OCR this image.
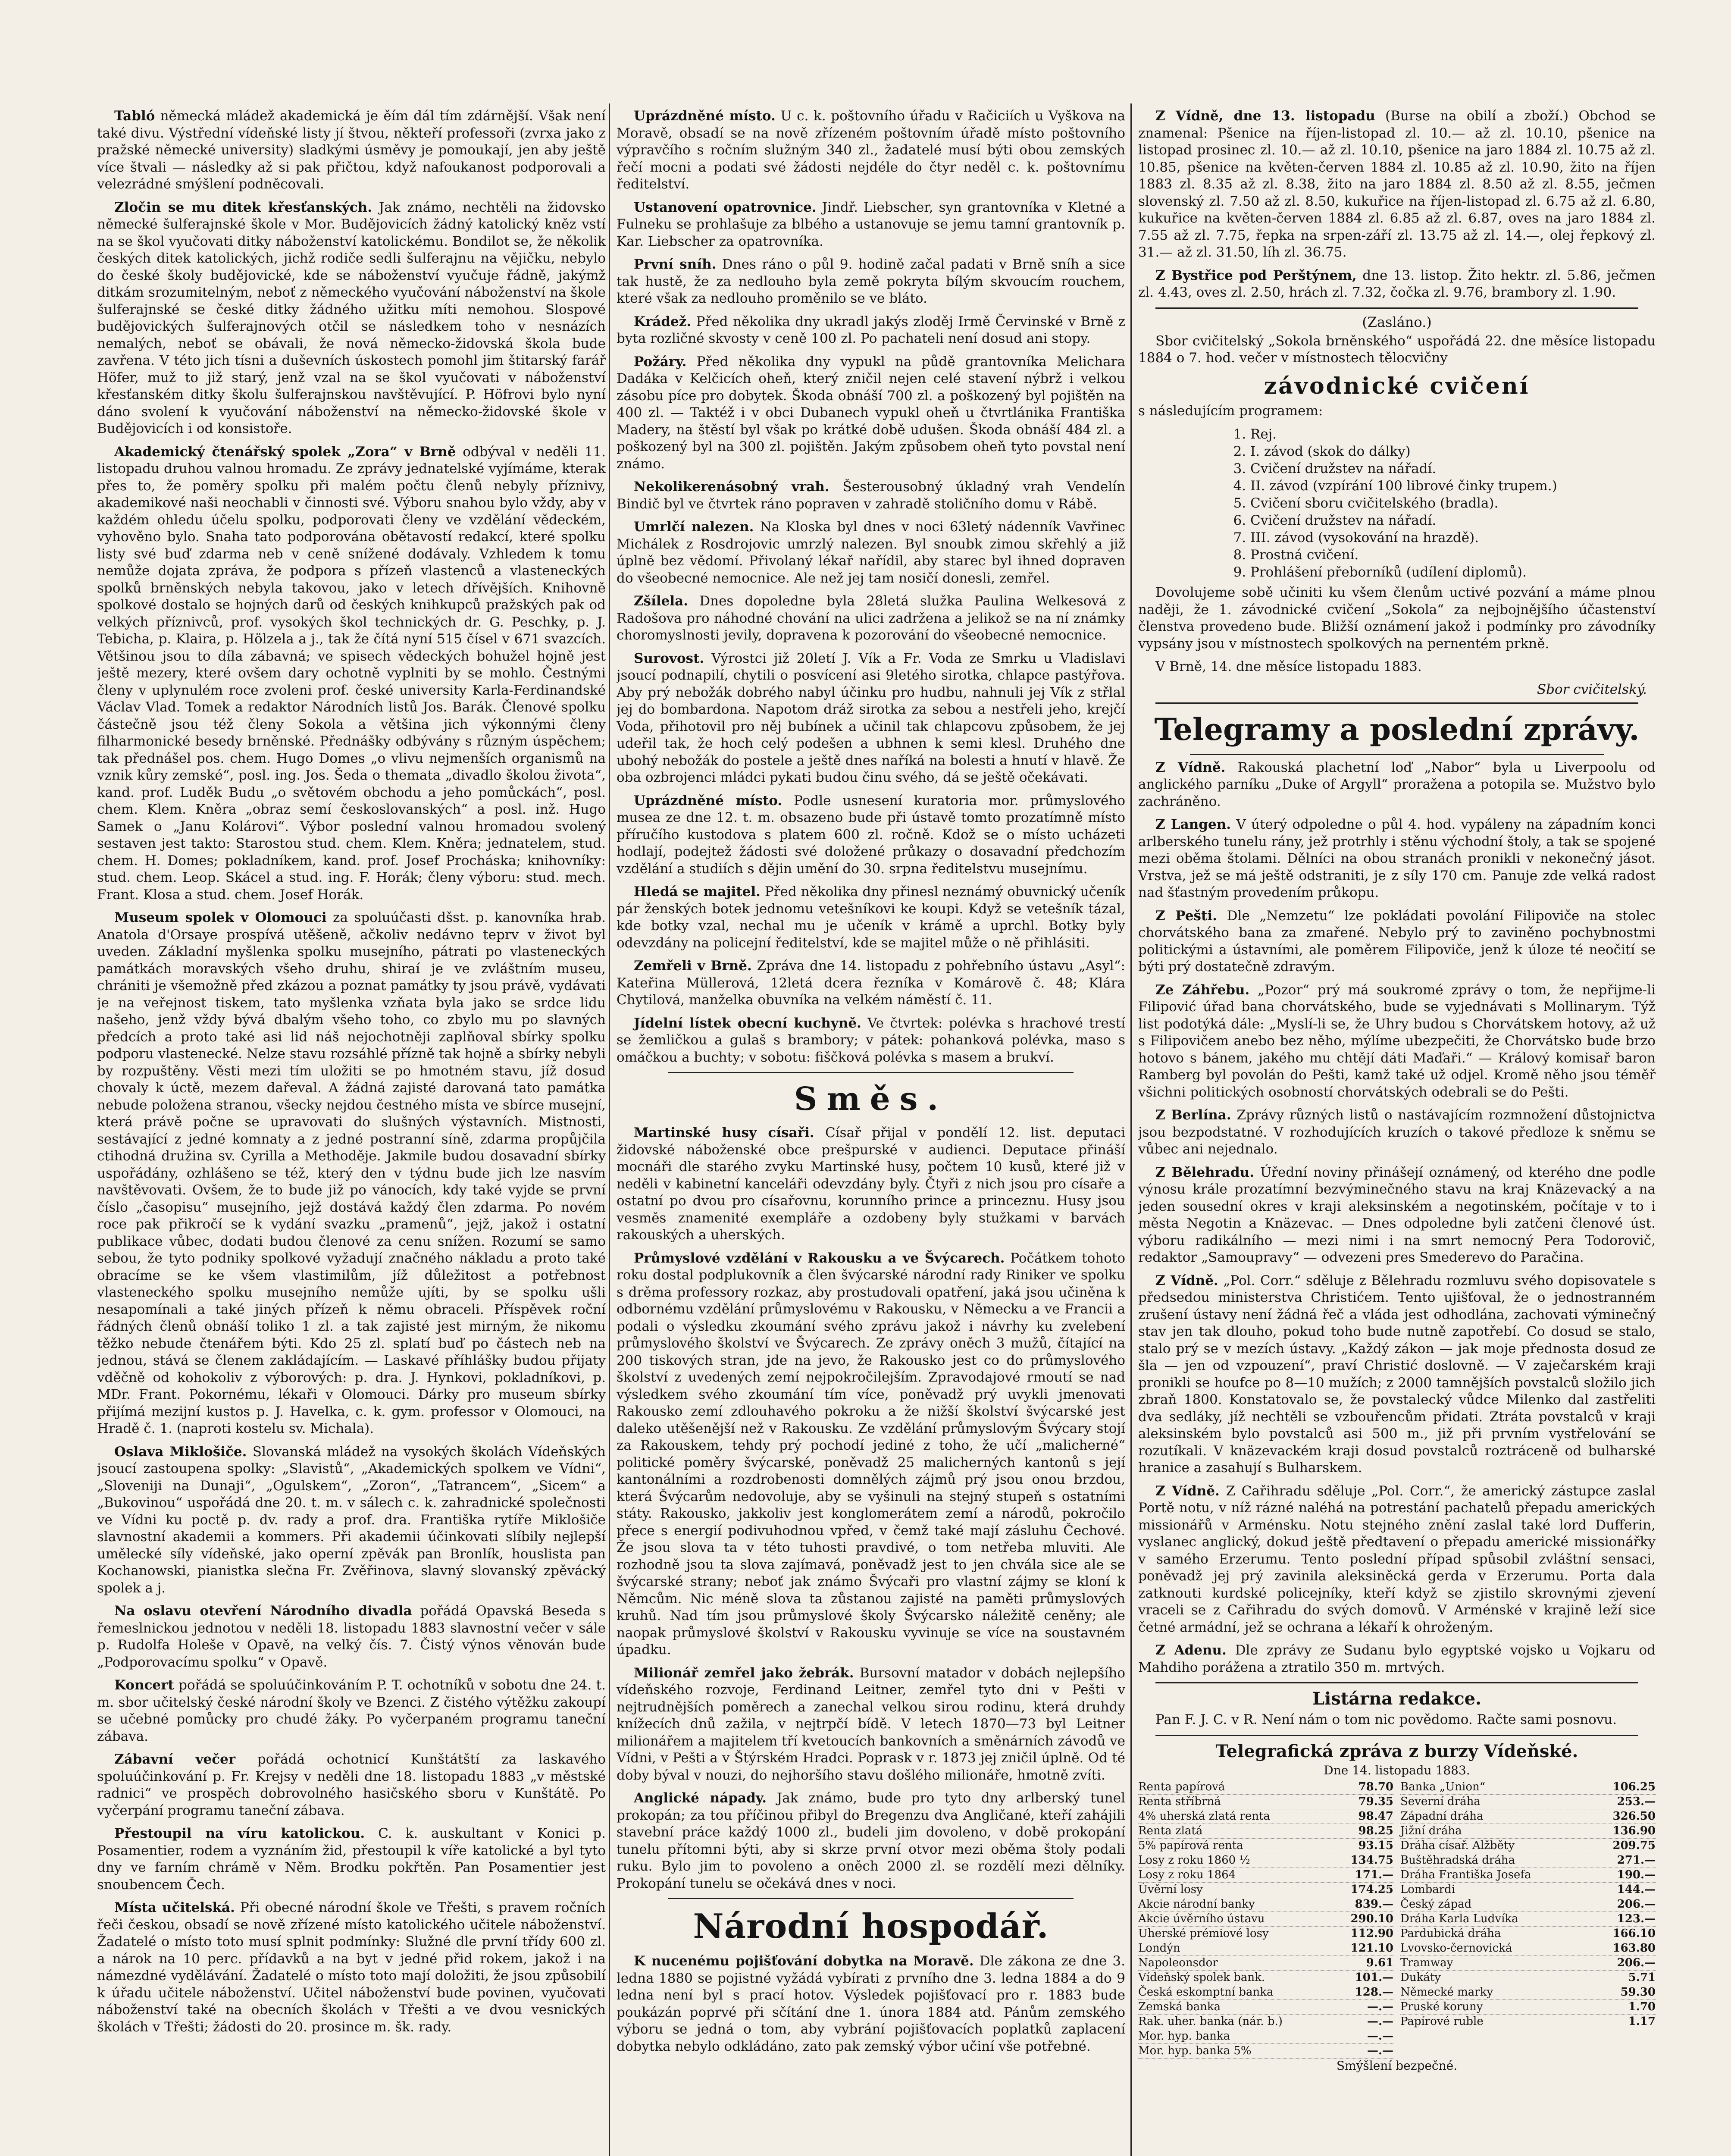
Tabló německá mládež akademická je ěím dál tím zdárnější. Však není také divu. Výstřední vídeňské listy jí štvou, někteří professoři (zvrxa jako z pražské německé university) sladkými úsměvy je pomoukají, jen aby ještě více štvali — následky až si pak přičtou, když nafoukanost podporovali a velezrádné smýšlení podněcovali.

Zločin se mu ditek křesťanských. Jak známo, nechtěli na židovsko německé šulferajnské škole v Mor. Budějovicích žádný katolický kněz vstí na se škol vyučovati ditky náboženství katolickému. Bondilot se, že několik českých ditek katolických, jichž rodiče sedli šulferajnu na vějičku, nebylo do české školy budějovické, kde se náboženství vyučuje řádně, jakýmž ditkám srozumitelným, neboť z německého vyučování náboženství na škole šulferajnské se české ditky žádného užitku míti nemohou. Slospové budějovických šulferajnových otčil se následkem toho v nesnázích nemalých, neboť se obávali, že nová německo-židovská škola bude zavřena. V této jich tísni a duševních úskostech pomohl jim štitarský farář Höfer, muž to již starý, jenž vzal na se škol vyučovati v náboženství křesťanském ditky školu šulferajnskou navštěvující. P. Höfrovi bylo nyní dáno svolení k vyučování náboženství na německo-židovské škole v Budějovicích i od konsistoře.

Akademický čtenářský spolek „Zora“ v Brně odbýval v neděli 11. listopadu druhou valnou hromadu. Ze zprávy jednatelské vyjímáme, kterak přes to, že poměry spolku při malém počtu členů nebyly příznivy, akademikové naši neochabli v činnosti své. Výboru snahou bylo vždy, aby v každém ohledu účelu spolku, podporovati členy ve vzdělání vědeckém, vyhověno bylo. Snaha tato podporována obětavostí redakcí, které spolku listy své buď zdarma neb v ceně snížené dodávaly. Vzhledem k tomu nemůže dojata zpráva, že podpora s přízeň vlastenců a vlasteneckých spolků brněnských nebyla takovou, jako v letech dřívějších. Knihovně spolkové dostalo se hojných darů od českých knihkupců pražských pak od velkých příznivců, prof. vysokých škol technických dr. G. Peschky, p. J. Tebicha, p. Klaira, p. Hölzela a j., tak že čítá nyní 515 čísel v 671 svazcích. Většinou jsou to díla zábavná; ve spisech vědeckých bohužel hojně jest ještě mezery, které ovšem dary ochotně vyplniti by se mohlo. Čestnými členy v uplynulém roce zvoleni prof. české university Karla-Ferdinandské Václav Vlad. Tomek a redaktor Národních listů Jos. Barák. Členové spolku částečně jsou též členy Sokola a většina jich výkonnými členy filharmonické besedy brněnské. Přednášky odbývány s různým úspěchem; tak přednášel pos. chem. Hugo Domes „o vlivu nejmenších organismů na vznik kůry zemské“, posl. ing. Jos. Šeda o themata „divadlo školou života“, kand. prof. Luděk Budu „o světovém obchodu a jeho pomůckách“, posl. chem. Klem. Kněra „obraz semí českoslovanských“ a posl. inž. Hugo Samek o „Janu Kolárovi“. Výbor poslední valnou hromadou svolený sestaven jest takto: Starostou stud. chem. Klem. Kněra; jednatelem, stud. chem. H. Domes; pokladníkem, kand. prof. Josef Procháska; knihovníky: stud. chem. Leop. Skácel a stud. ing. F. Horák; členy výboru: stud. mech. Frant. Klosa a stud. chem. Josef Horák.

Museum spolek v Olomouci za spoluúčasti dšst. p. kanovníka hrab. Anatola d'Orsaye prospívá utěšeně, ačkoliv nedávno teprv v život byl uveden. Základní myšlenka spolku musejního, pátrati po vlasteneckých památkách moravských všeho druhu, shiraí je ve zvláštním museu, chrániti je všemožně před zkázou a poznat památky ty jsou právě, vydávati je na veřejnost tiskem, tato myšlenka vzňata byla jako se srdce lidu našeho, jenž vždy bývá dbalým všeho toho, co zbylo mu po slavných předcích a proto také asi lid náš nejochotněji zaplňoval sbírky spolku podporu vlastenecké. Nelze stavu rozsáhlé přízně tak hojně a sbírky nebyli by rozpuštěny. Věsti mezi tím uložiti se po hmotném stavu, jíž dosud chovaly k úctě, mezem dařeval. A žádná zajisté darovaná tato památka nebude položena stranou, všecky nejdou čestného místa ve sbírce musejní, která právě počne se upravovati do slušných výstavních. Mistnosti, sestávající z jedné komnaty a z jedné postranní síně, zdarma propůjčila ctihodná družina sv. Cyrilla a Methoděje. Jakmile budou dosavadní sbírky uspořádány, ozhlášeno se též, který den v týdnu bude jich lze nasvím navštěvovati. Ovšem, že to bude již po vánocích, kdy také vyjde se první číslo „časopisu“ musejního, jejž dostává každý člen zdarma. Po novém roce pak přikročí se k vydání svazku „pramenů“, jejž, jakož i ostatní publikace vůbec, dodati budou členové za cenu snížen. Rozumí se samo sebou, že tyto podniky spolkové vyžadují značného nákladu a proto také obracíme se ke všem vlastimilům, jíž důležitost a potřebnost vlasteneckého spolku musejního nemůže ujíti, by se spolku ušli nesapomínali a také jiných přízeň k němu obraceli. Příspěvek roční řádných členů obnáší toliko 1 zl. a tak zajisté jest mirným, že nikomu těžko nebude čtenářem býti. Kdo 25 zl. splatí buď po částech neb na jednou, stává se členem zakládajícím. — Laskavé příhlášky budou přijaty vděčně od kohokoliv z výborových: p. dra. J. Hynkovi, pokladníkovi, p. MDr. Frant. Pokornému, lékaři v Olomouci. Dárky pro museum sbírky přijímá mezijní kustos p. J. Havelka, c. k. gym. professor v Olomouci, na Hradě č. 1. (naproti kostelu sv. Michala).

Oslava Miklošiče. Slovanská mládež na vysokých školách Vídeňských jsoucí zastoupena spolky: „Slavistů“, „Akademických spolkem ve Vídni“, „Sloveniji na Dunaji“, „Ogulskem“, „Zoron“, „Tatrancem“, „Sicem“ a „Bukovinou“ uspořádá dne 20. t. m. v sálech c. k. zahradnické společnosti ve Vídni ku poctě p. dv. rady a prof. dra. Františka rytíře Miklošiče slavnostní akademii a kommers. Při akademii účinkovati slíbily nejlepší umělecké síly vídeňské, jako operní zpěvák pan Bronlík, houslista pan Kochanowski, pianistka slečna Fr. Zvěřinova, slavný slovanský zpěvácký spolek a j.

Na oslavu otevření Národního divadla pořádá Opavská Beseda s řemeslnickou jednotou v neděli 18. listopadu 1883 slavnostní večer v sále p. Rudolfa Holeše v Opavě, na velký čís. 7. Čistý výnos věnován bude „Podporovacímu spolku“ v Opavě.

Koncert pořádá se spoluúčinkováním P. T. ochotníků v sobotu dne 24. t. m. sbor učitelský české národní školy ve Bzenci. Z čistého výtěžku zakoupí se učebné pomůcky pro chudé žáky. Po vyčerpaném programu taneční zábava.

Zábavní večer pořádá ochotnicí Kunštátští za laskavého spoluúčinkování p. Fr. Krejsy v neděli dne 18. listopadu 1883 „v městské radnici“ ve prospěch dobrovolného hasičského sboru v Kunštátě. Po vyčerpání programu taneční zábava.

Přestoupil na víru katolickou. C. k. auskultant v Konici p. Posamentier, rodem a vyznáním žid, přestoupil k víře katolické a byl tyto dny ve farním chrámě v Něm. Brodku pokřtěn. Pan Posamentier jest snoubencem Čech.

Místa učitelská. Při obecné národní škole ve Třešti, s pravem ročních řeči českou, obsadí se nově zřízené místo katolického učitele náboženství. Žadatelé o místo toto musí splnit podmínky: Služné dle první třídy 600 zl. a nárok na 10 perc. přídavků a na byt v jedné přid rokem, jakož i na námezdné vydělávání. Žadatelé o místo toto mají doložiti, že jsou způsobilí k úřadu učitele náboženství. Učitel náboženství bude povinen, vyučovati náboženství také na obecních školách v Třešti a ve dvou vesnických školách v Třešti; žádosti do 20. prosince m. šk. rady.

Uprázdněné místo. U c. k. poštovního úřadu v Račiciích u Vyškova na Moravě, obsadí se na nově zřízeném poštovním úřadě místo poštovního výpravčího s ročním služným 340 zl., žadatelé musí býti obou zemských řečí mocni a podati své žádosti nejdéle do čtyr neděl c. k. poštovnímu ředitelství.

Ustanovení opatrovnice. Jindř. Liebscher, syn grantovníka v Kletné a Fulneku se prohlašuje za blbého a ustanovuje se jemu tamní grantovník p. Kar. Liebscher za opatrovníka.

První sníh. Dnes ráno o půl 9. hodině začal padati v Brně sníh a sice tak hustě, že za nedlouho byla země pokryta bílým skvoucím rouchem, které však za nedlouho proměnilo se ve bláto.

Krádež. Před několika dny ukradl jakýs zloděj Irmě Červinské v Brně z byta rozličné skvosty v ceně 100 zl. Po pachateli není dosud ani stopy.

Požáry. Před několika dny vypukl na půdě grantovníka Melichara Dadáka v Kelčicích oheň, který zničil nejen celé stavení nýbrž i velkou zásobu píce pro dobytek. Škoda obnáší 700 zl. a poškozený byl pojištěn na 400 zl. — Taktéž i v obci Dubanech vypukl oheň u čtvrtlánika Františka Madery, na štěstí byl však po krátké době udušen. Škoda obnáší 484 zl. a poškozený byl na 300 zl. pojištěn. Jakým způsobem oheň tyto povstal není známo.

Nekolikerenásobný vrah. Šesterousobný úkladný vrah Vendelín Bindič byl ve čtvrtek ráno popraven v zahradě stoličního domu v Rábě.

Umrlčí nalezen. Na Kloska byl dnes v noci 63letý nádenník Vavřinec Michálek z Rosdrojovic umrzlý nalezen. Byl snoubk zimou skřehlý a již úplně bez vědomí. Přivolaný lékař nařídil, aby starec byl ihned dopraven do všeobecné nemocnice. Ale než jej tam nosičí donesli, zemřel.

Zšílela. Dnes dopoledne byla 28letá služka Paulina Welkesová z Radošova pro náhodné chování na ulici zadržena a jelikož se na ní známky choromyslnosti jevily, dopravena k pozorování do všeobecné nemocnice.

Surovost. Výrostci již 20letí J. Vík a Fr. Voda ze Smrku u Vladislavi jsoucí podnapilí, chytili o posvícení asi 9letého sirotka, chlapce pastýřova. Aby prý nebožák dobrého nabyl účinku pro hudbu, nahnuli jej Vík z střlal jej do bombardona. Napotom dráž sirotka za sebou a nestřeli jeho, krejčí Voda, přihotovil pro něj bubínek a učinil tak chlapcovu způsobem, že jej udeřil tak, že hoch celý podešen a ubhnen k semi klesl. Druhého dne ubohý nebožák do postele a ještě dnes naříká na bolesti a hnutí v hlavě. Že oba ozbrojenci mládci pykati budou činu svého, dá se ještě očekávati.

Uprázdněné místo. Podle usnesení kuratoria mor. průmyslového musea ze dne 12. t. m. obsazeno bude při ústavě tomto prozatímně místo příručího kustodova s platem 600 zl. ročně. Kdož se o místo ucházeti hodlají, podejtež žádosti své doložené průkazy o dosavadní předchozím vzdělání a studiích s dějin umění do 30. srpna ředitelstvu musejnímu.

Hledá se majitel. Před několika dny přinesl neznámý obuvnický učeník pár ženských botek jednomu vetešníkovi ke koupi. Když se vetešník tázal, kde botky vzal, nechal mu je učeník v krámě a uprchl. Botky byly odevzdány na policejní ředitelství, kde se majitel může o ně přihlásiti.

Zemřeli v Brně. Zpráva dne 14. listopadu z pohřebního ústavu „Asyl“: Kateřina Müllerová, 12letá dcera řezníka v Komárově č. 48; Klára Chytilová, manželka obuvníka na velkém náměstí č. 11.

Jídelní lístek obecní kuchyně. Ve čtvrtek: polévka s hrachové trestí se žemličkou a gulaš s brambory; v pátek: pohanková polévka, maso s omáčkou a buchty; v sobotu: fiščková polévka s masem a brukví.

Směs.

Martinské husy císaři. Císař přijal v pondělí 12. list. deputaci židovské náboženské obce prešpurské v audienci. Deputace přináší mocnáři dle starého zvyku Martinské husy, počtem 10 kusů, které již v neděli v kabinetní kanceláři odevzdány byly. Čtyři z nich jsou pro císaře a ostatní po dvou pro císařovnu, korunního prince a princeznu. Husy jsou vesměs znamenité exempláře a ozdobeny byly stužkami v barvách rakouských a uherských.

Průmyslové vzdělání v Rakousku a ve Švýcarech. Počátkem tohoto roku dostal podplukovník a člen švýcarské národní rady Riniker ve spolku s drěma professory rozkaz, aby prostudovali opatření, jaká jsou učiněna k odbornému vzdělání průmyslovému v Rakousku, v Německu a ve Francii a podali o výsledku zkoumání svého zprávu jakož i návrhy ku zvelebení průmyslového školství ve Švýcarech. Ze zprávy oněch 3 mužů, čítající na 200 tiskových stran, jde na jevo, že Rakousko jest co do průmyslového školství z uvedených zemí nejpokročilejším. Zpravodajové rmoutí se nad výsledkem svého zkoumání tím více, poněvadž prý uvykli jmenovati Rakousko zemí zdlouhavého pokroku a že nižší školství švýcarské jest daleko utěšenější než v Rakousku. Ze vzdělání průmyslovým Švýcary stojí za Rakouskem, tehdy prý pochodí jediné z toho, že učí „malicherné“ politické poměry švýcarské, poněvadž 25 malicherných kantonů s její kantonálními a rozdrobenosti domnělých zájmů prý jsou onou brzdou, která Švýcarům nedovoluje, aby se vyšinuli na stejný stupeň s ostatními státy. Rakousko, jakkoliv jest konglomerátem zemí a národů, pokročilo přece s energií podivuhodnou vpřed, v čemž také mají zásluhu Čechové. Že jsou slova ta v této tuhosti pravdivé, o tom netřeba mluviti. Ale rozhodně jsou ta slova zajímavá, poněvadž jest to jen chvála sice ale se švýcarské strany; neboť jak známo Švýcaři pro vlastní zájmy se kloní k Němcům. Nic méně slova ta zůstanou zajisté na paměti průmyslových kruhů. Nad tím jsou průmyslové školy Švýcarsko náležitě ceněny; ale naopak průmyslové školství v Rakousku vyvinuje se více na soustavném úpadku.

Milionář zemřel jako žebrák. Bursovní matador v dobách nejlepšího vídeňského rozvoje, Ferdinand Leitner, zemřel tyto dni v Pešti v nejtrudnějších poměrech a zanechal velkou sirou rodinu, která druhdy knížecích dnů zažila, v nejtrpčí bídě. V letech 1870—73 byl Leitner milionářem a majitelem tří kvetoucích bankovních a směnárních závodů ve Vídni, v Pešti a v Štýrském Hradci. Poprask v r. 1873 jej zničil úplně. Od té doby býval v nouzi, do nejhoršího stavu došlého milionáře, hmotně zvíti.

Anglické nápady. Jak známo, bude pro tyto dny arlberský tunel prokopán; za tou příčinou přibyl do Bregenzu dva Angličané, kteří zahájili stavební práce každý 1000 zl., budeli jim dovoleno, v době prokopání tunelu přítomni býti, aby si skrze první otvor mezi oběma štoly podali ruku. Bylo jim to povoleno a oněch 2000 zl. se rozdělí mezi dělníky. Prokopání tunelu se očekává dnes v noci.

Národní hospodář.

K nucenému pojišťování dobytka na Moravě. Dle zákona ze dne 3. ledna 1880 se pojistné vyžádá vybírati z prvního dne 3. ledna 1884 a do 9 ledna není byl s prací hotov. Výsledek pojišťovací pro r. 1883 bude poukázán poprvé při sčítání dne 1. února 1884 atd. Pánům zemského výboru se jedná o tom, aby vybrání pojišťovacích poplatků zaplacení dobytka nebylo odkládáno, zato pak zemský výbor učiní vše potřebné.

Z Vídně, dne 13. listopadu (Burse na obilí a zboží.) Obchod se znamenal: Pšenice na říjen-listopad zl. 10.— až zl. 10.10, pšenice na listopad prosinec zl. 10.— až zl. 10.10, pšenice na jaro 1884 zl. 10.75 až zl. 10.85, pšenice na květen-červen 1884 zl. 10.85 až zl. 10.90, žito na říjen 1883 zl. 8.35 až zl. 8.38, žito na jaro 1884 zl. 8.50 až zl. 8.55, ječmen slovenský zl. 7.50 až zl. 8.50, kukuřice na říjen-listopad zl. 6.75 až zl. 6.80, kukuřice na květen-červen 1884 zl. 6.85 až zl. 6.87, oves na jaro 1884 zl. 7.55 až zl. 7.75, řepka na srpen-září zl. 13.75 až zl. 14.—, olej řepkový zl. 31.— až zl. 31.50, líh zl. 36.75.

Z Bystřice pod Perštýnem, dne 13. listop. Žito hektr. zl. 5.86, ječmen zl. 4.43, oves zl. 2.50, hrách zl. 7.32, čočka zl. 9.76, brambory zl. 1.90.

(Zasláno.)

Sbor cvičitelský „Sokola brněnského“ uspořádá 22. dne měsíce listopadu 1884 o 7. hod. večer v místnostech tělocvičny

závodnické cvičení

s následujícím programem:

1. Rej.
2. I. závod (skok do dálky)
3. Cvičení družstev na nářadí.
4. II. závod (vzpírání 100 librové činky trupem.)
5. Cvičení sboru cvičitelského (bradla).
6. Cvičení družstev na nářadí.
7. III. závod (vysokování na hrazdě).
8. Prostná cvičení.
9. Prohlášení přeborníků (udílení diplomů).

Dovolujeme sobě učiniti ku všem členům uctivé pozvání a máme plnou naději, že 1. závodnické cvičení „Sokola“ za nejbojnějšího účastenství členstva provedeno bude. Bližší oznámení jakož i podmínky pro závodníky vypsány jsou v místnostech spolkových na pernentém prkně.

V Brně, 14. dne měsíce listopadu 1883.

Sbor cvičitelský.
Telegramy a poslední zprávy.

Z Vídně. Rakouská plachetní loď „Nabor“ byla u Liverpoolu od anglického parníku „Duke of Argyll“ proražena a potopila se. Mužstvo bylo zachráněno.

Z Langen. V úterý odpoledne o půl 4. hod. vypáleny na západním konci arlberského tunelu rány, jež protrhly i stěnu východní štoly, a tak se spojené mezi oběma štolami. Dělníci na obou stranách pronikli v nekonečný jásot. Vrstva, jež se má ještě odstraniti, je z síly 170 cm. Panuje zde velká radost nad šťastným provedením průkopu.

Z Pešti. Dle „Nemzetu“ lze pokládati povolání Filipoviče na stolec chorvátského bana za zmařené. Nebylo prý to zaviněno pochybnostmi politickými a ústavními, ale poměrem Filipoviče, jenž k úloze té neočití se býti prý dostatečně zdravým.

Ze Záhřebu. „Pozor“ prý má soukromé zprávy o tom, že nepřijme-li Filipović úřad bana chorvátského, bude se vyjednávati s Mollinarym. Týž list podotýká dále: „Myslí-li se, že Uhry budou s Chorvátskem hotovy, až už s Filipovičem anebo bez něho, mýlíme ubezpečiti, že Chorvátsko bude brzo hotovo s bánem, jakého mu chtějí dáti Maďaři.“ — Králový komisař baron Ramberg byl povolán do Pešti, kamž také už odjel. Kromě něho jsou téměř všichni politických osobností chorvátských odebrali se do Pešti.

Z Berlína. Zprávy různých listů o nastávajícím rozmnožení důstojnictva jsou bezpodstatné. V rozhodujících kruzích o takové předloze k sněmu se vůbec ani nejednalo.

Z Bělehradu. Úřední noviny přinášejí oznámený, od kterého dne podle výnosu krále prozatímní bezvýminečného stavu na kraj Knäzevacký a na jeden sousední okres v kraji aleksinském a negotinském, počítaje v to i města Negotin a Knäzevac. — Dnes odpoledne byli zatčeni členové úst. výboru radikálního — mezi nimi i na smrt nemocný Pera Todorovič, redaktor „Samoupravy“ — odvezeni pres Smederevo do Paračina.

Z Vídně. „Pol. Corr.“ sděluje z Bělehradu rozmluvu svého dopisovatele s předsedou ministerstva Christićem. Tento ujišťoval, že o jednostranném zrušení ústavy není žádná řeč a vláda jest odhodlána, zachovati výminečný stav jen tak dlouho, pokud toho bude nutně zapotřebí. Co dosud se stalo, stalo prý se v mezích ústavy. „Každý zákon — jak moje přednosta dosud ze šla — jen od vzpouzení“, praví Christić doslovně. — V zaječarském kraji pronikli se houfce po 8—10 mužích; z 2000 tamnějších povstalců složilo jich zbraň 1800. Konstatovalo se, že povstalecký vůdce Milenko dal zastřeliti dva sedláky, jíž nechtěli se vzbouřencům přidati. Ztráta povstalců v kraji aleksinském bylo povstalců asi 500 m., již při prvním vystřelování se rozutíkali. V knäzevackém kraji dosud povstalců roztráceně od bulharské hranice a zasahují s Bulharskem.

Z Vídně. Z Cařihradu sděluje „Pol. Corr.“, že americký zástupce zaslal Portě notu, v níž rázné naléhá na potrestání pachatelů přepadu amerických missionářů v Arménsku. Notu stejného znění zaslal také lord Dufferin, vyslanec anglický, dokud ještě předtavení o přepadu americké missionářky v samého Erzerumu. Tento poslední případ spůsobil zvláštní sensaci, poněvadž jej prý zavinila aleksiněcká gerda v Erzerumu. Porta dala zatknouti kurdské policejníky, kteří když se zjistilo skrovnými zjevení vraceli se z Cařihradu do svých domovů. V Arménské v krajině leží sice četné armádní, jež se ochrana a lékaří k ohroženým.

Z Adenu. Dle zprávy ze Sudanu bylo egyptské vojsko u Vojkaru od Mahdiho porážena a ztratilo 350 m. mrtvých.

Listárna redakce.

Pan F. J. C. v R. Není nám o tom nic povědomo. Račte sami posnovu.

Telegrafická zpráva z burzy Vídeňské.
Dne 14. listopadu 1883.
Renta papírová	78.70
Renta stříbrná	79.35
4% uherská zlatá renta	98.47
Renta zlatá	98.25
5% papírová renta	93.15
Losy z roku 1860 ½	134.75
Losy z roku 1864	171.—
Úvěrní losy	174.25
Akcie národní banky	839.—
Akcie úvěrního ústavu	290.10
Uherské prémiové losy	112.90
Londýn	121.10
Napoleonsdor	9.61
Vídeňský spolek bank.	101.—
Česká eskomptní banka	128.—
Zemská banka	—.—
Rak. uher. banka (nár. b.)	—.—
Mor. hyp. banka	—.—
Mor. hyp. banka 5%	—.—
Banka „Union“	106.25
Severní dráha	253.—
Západní dráha	326.50
Jižní dráha	136.90
Dráha císař. Alžběty	209.75
Buštěhradská dráha	271.—
Dráha Františka Josefa	190.—
Lombardi	144.—
Český západ	206.—
Dráha Karla Ludvíka	123.—
Pardubická dráha	166.10
Lvovsko-černovická	163.80
Tramway	206.—
Dukáty	5.71
Německé marky	59.30
Pruské koruny	1.70
Papírové ruble	1.17
Smýšlení bezpečné.
